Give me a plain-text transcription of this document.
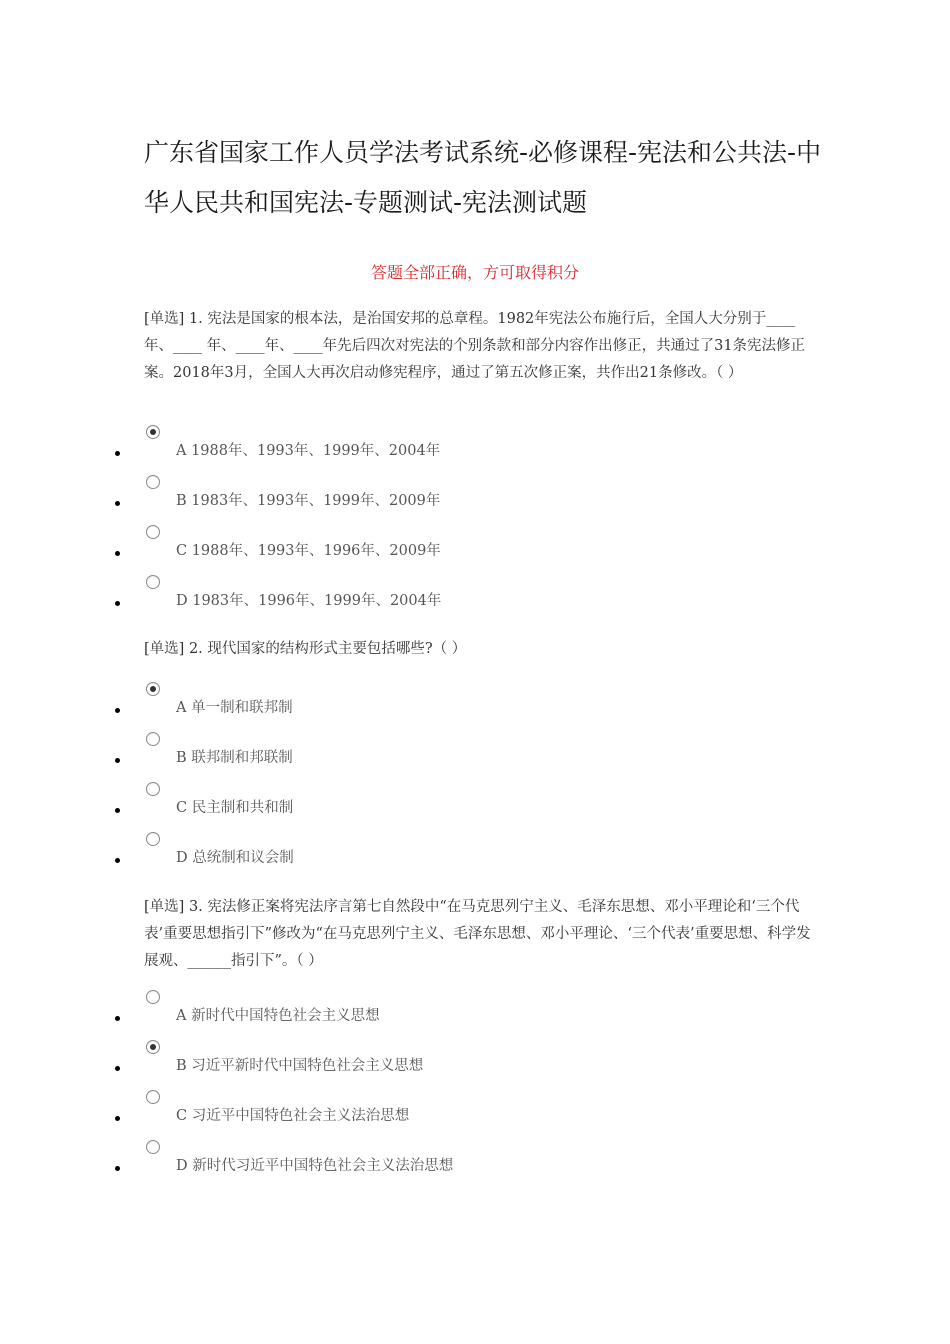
广东省国家工作人员学法考试系统-必修课程-宪法和公共法-中华人民共和国宪法-专题测试-宪法测试题
答题全部正确，方可取得积分

[单选] 1. 宪法是国家的根本法，是治国安邦的总章程。1982年宪法公布施行后，全国人大分别于____年、____ 年、____年、____年先后四次对宪法的个别条款和部分内容作出修正，共通过了31条宪法修正案。2018年3月，全国人大再次启动修宪程序，通过了第五次修正案，共作出21条修改。（ ）

A 1988年、1993年、1999年、2004年
B 1983年、1993年、1999年、2009年
C 1988年、1993年、1996年、2009年
D 1983年、1996年、1999年、2004年

[单选] 2. 现代国家的结构形式主要包括哪些?（ ）

A 单一制和联邦制
B 联邦制和邦联制
C 民主制和共和制
D 总统制和议会制

[单选] 3. 宪法修正案将宪法序言第七自然段中“在马克思列宁主义、毛泽东思想、邓小平理论和‘三个代表’重要思想指引下”修改为“在马克思列宁主义、毛泽东思想、邓小平理论、‘三个代表’重要思想、科学发展观、______指引下”。（ ）

A 新时代中国特色社会主义思想
B 习近平新时代中国特色社会主义思想
C 习近平中国特色社会主义法治思想
D 新时代习近平中国特色社会主义法治思想
